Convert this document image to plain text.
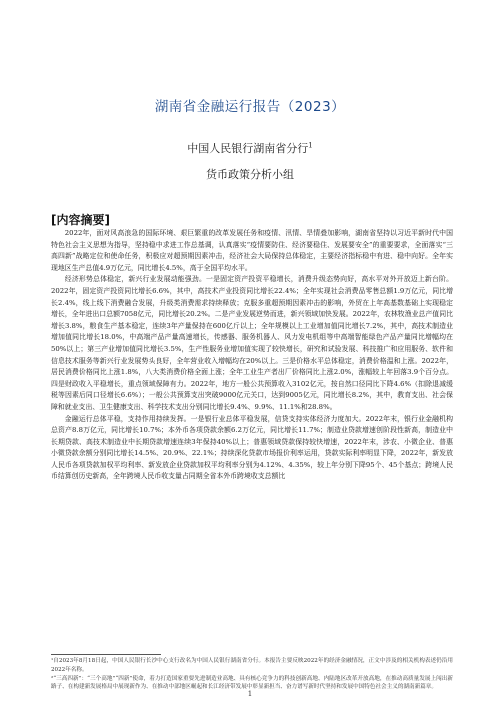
湖南省金融运行报告（2023）
中国人民银行湖南省分行$^1$
货币政策分析小组
[内容摘要]

2022年，面对风高浪急的国际环境、艰巨繁重的改革发展任务和疫情、汛情、旱情叠加影响，湖南省坚持以习近平新时代中国特色社会主义思想为指导，坚持稳中求进工作总基调，认真落实“疫情要防住、经济要稳住、发展要安全”的重要要求，全面落实“三高四新”战略定位和使命任务，积极应对超预期因素冲击，经济社会大局保持总体稳定，主要经济指标稳中有进、稳中向好。全年实现地区生产总值4.9万亿元，同比增长4.5%，高于全国平均水平。

经济形势总体稳定，新兴行业发展动能强劲。一是固定资产投资平稳增长，消费升级态势向好，高水平对外开放迈上新台阶。2022年，固定资产投资同比增长6.6%，其中，高技术产业投资同比增长22.4%；全年实现社会消费品零售总额1.9万亿元，同比增长2.4%，线上线下消费融合发展，升级类消费需求持续释放；克服多重超预期因素冲击的影响，外贸在上年高基数基础上实现稳定增长，全年进出口总额7058亿元，同比增长20.2%。二是产业发展逆势而进，新兴领域加快发展。2022年，农林牧渔业总产值同比增长3.8%，粮食生产基本稳定，连续3年产量保持在600亿斤以上；全年规模以上工业增加值同比增长7.2%，其中，高技术制造业增加值同比增长18.0%，中高端产品产量高速增长，传感器、服务机器人、风力发电机组等中高端智能绿色产品产量同比增幅均在50%以上；第三产业增加值同比增长3.5%，生产性服务业增加值实现了较快增长，研究和试验发展、科技推广和应用服务、软件和信息技术服务等新兴行业发展势头良好，全年营业收入增幅均在20%以上。三是价格水平总体稳定，消费价格温和上涨。2022年，居民消费价格同比上涨1.8%，八大类消费价格全面上涨；全年工业生产者出厂价格同比上涨2.0%，涨幅较上年回落3.9个百分点。四是财政收入平稳增长，重点领域保障有力。2022年，地方一般公共预算收入3102亿元，按自然口径同比下降4.6%（扣除退减缓税等因素后同口径增长6.6%）；一般公共预算支出突破9000亿元关口，达到9005亿元，同比增长8.2%，其中，教育支出、社会保障和就业支出、卫生健康支出、科学技术支出分别同比增长9.4%、9.9%、11.1%和28.8%。

金融运行总体平稳，支持作用持续发挥。一是银行业总体平稳发展，信贷支持实体经济力度加大。2022年末，银行业金融机构总资产8.8万亿元，同比增长10.7%；本外币各项贷款余额6.2万亿元，同比增长11.7%；制造业贷款增速创阶段性新高，制造业中长期贷款、高技术制造业中长期贷款增速连续3年保持40%以上；普惠领域贷款保持较快增速，2022年末，涉农、小微企业、普惠小微贷款余额分别同比增长14.5%、20.9%、22.1%；持续深化贷款市场报价利率运用，贷款实际利率明显下降，2022年，新发放人民币各项贷款加权平均利率、新发放企业贷款加权平均利率分别为4.12%、4.35%，较上年分别下降95个、45个基点；跨境人民币结算创历史新高，全年跨境人民币收支量占同期全省本外币跨境收支总额比

¹自2023年8月18日起，中国人民银行长沙中心支行改名为中国人民银行湖南省分行。本报告主要反映2022年的经济金融情况，正文中涉及的相关机构表述仍沿用2022年名称。

²“三高四新”：“三个高地”“四新”使命，着力打造国家重要先进制造业高地、具有核心竞争力的科技创新高地、内陆地区改革开放高地，在推动高质量发展上闯出新路子、在构建新发展格局中展现新作为、在推动中部地区崛起和长江经济带发展中彰显新担当、奋力谱写新时代坚持和发展中国特色社会主义的湖南新篇章。

1
